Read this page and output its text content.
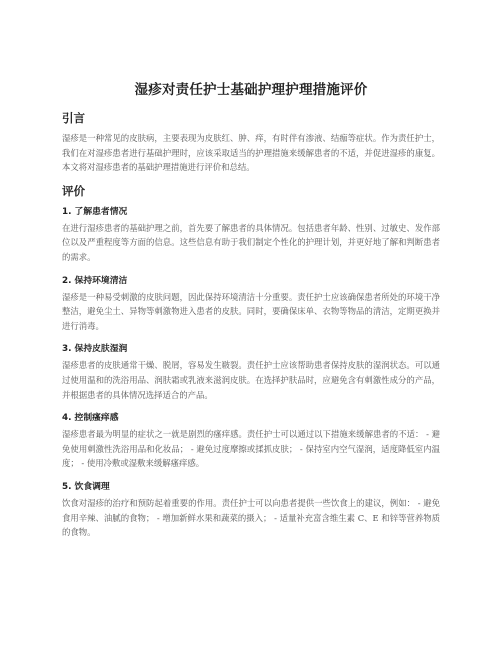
湿疹对责任护士基础护理护理措施评价
引言

湿疹是一种常见的皮肤病，主要表现为皮肤红、肿、痒，有时伴有渗液、结痂等症状。作为责任护士，我们在对湿疹患者进行基础护理时，应该采取适当的护理措施来缓解患者的不适，并促进湿疹的康复。本文将对湿疹患者的基础护理措施进行评价和总结。

评价
1. 了解患者情况

在进行湿疹患者的基础护理之前，首先要了解患者的具体情况。包括患者年龄、性别、过敏史、发作部位以及严重程度等方面的信息。这些信息有助于我们制定个性化的护理计划，并更好地了解和判断患者的需求。

2. 保持环境清洁

湿疹是一种易受刺激的皮肤问题，因此保持环境清洁十分重要。责任护士应该确保患者所处的环境干净整洁，避免尘土、异物等刺激物进入患者的皮肤。同时，要确保床单、衣物等物品的清洁，定期更换并进行消毒。

3. 保持皮肤湿润

湿疹患者的皮肤通常干燥、脱屑，容易发生皲裂。责任护士应该帮助患者保持皮肤的湿润状态。可以通过使用温和的洗浴用品、润肤霜或乳液来滋润皮肤。在选择护肤品时，应避免含有刺激性成分的产品，并根据患者的具体情况选择适合的产品。

4. 控制瘙痒感

湿疹患者最为明显的症状之一就是剧烈的瘙痒感。责任护士可以通过以下措施来缓解患者的不适： - 避免使用刺激性洗浴用品和化妆品； - 避免过度摩擦或揉抓皮肤； - 保持室内空气湿润，适度降低室内温度； - 使用冷敷或湿敷来缓解瘙痒感。

5. 饮食调理

饮食对湿疹的治疗和预防起着重要的作用。责任护士可以向患者提供一些饮食上的建议，例如： - 避免食用辛辣、油腻的食物； - 增加新鲜水果和蔬菜的摄入； - 适量补充富含维生素 C、E 和锌等营养物质的食物。
